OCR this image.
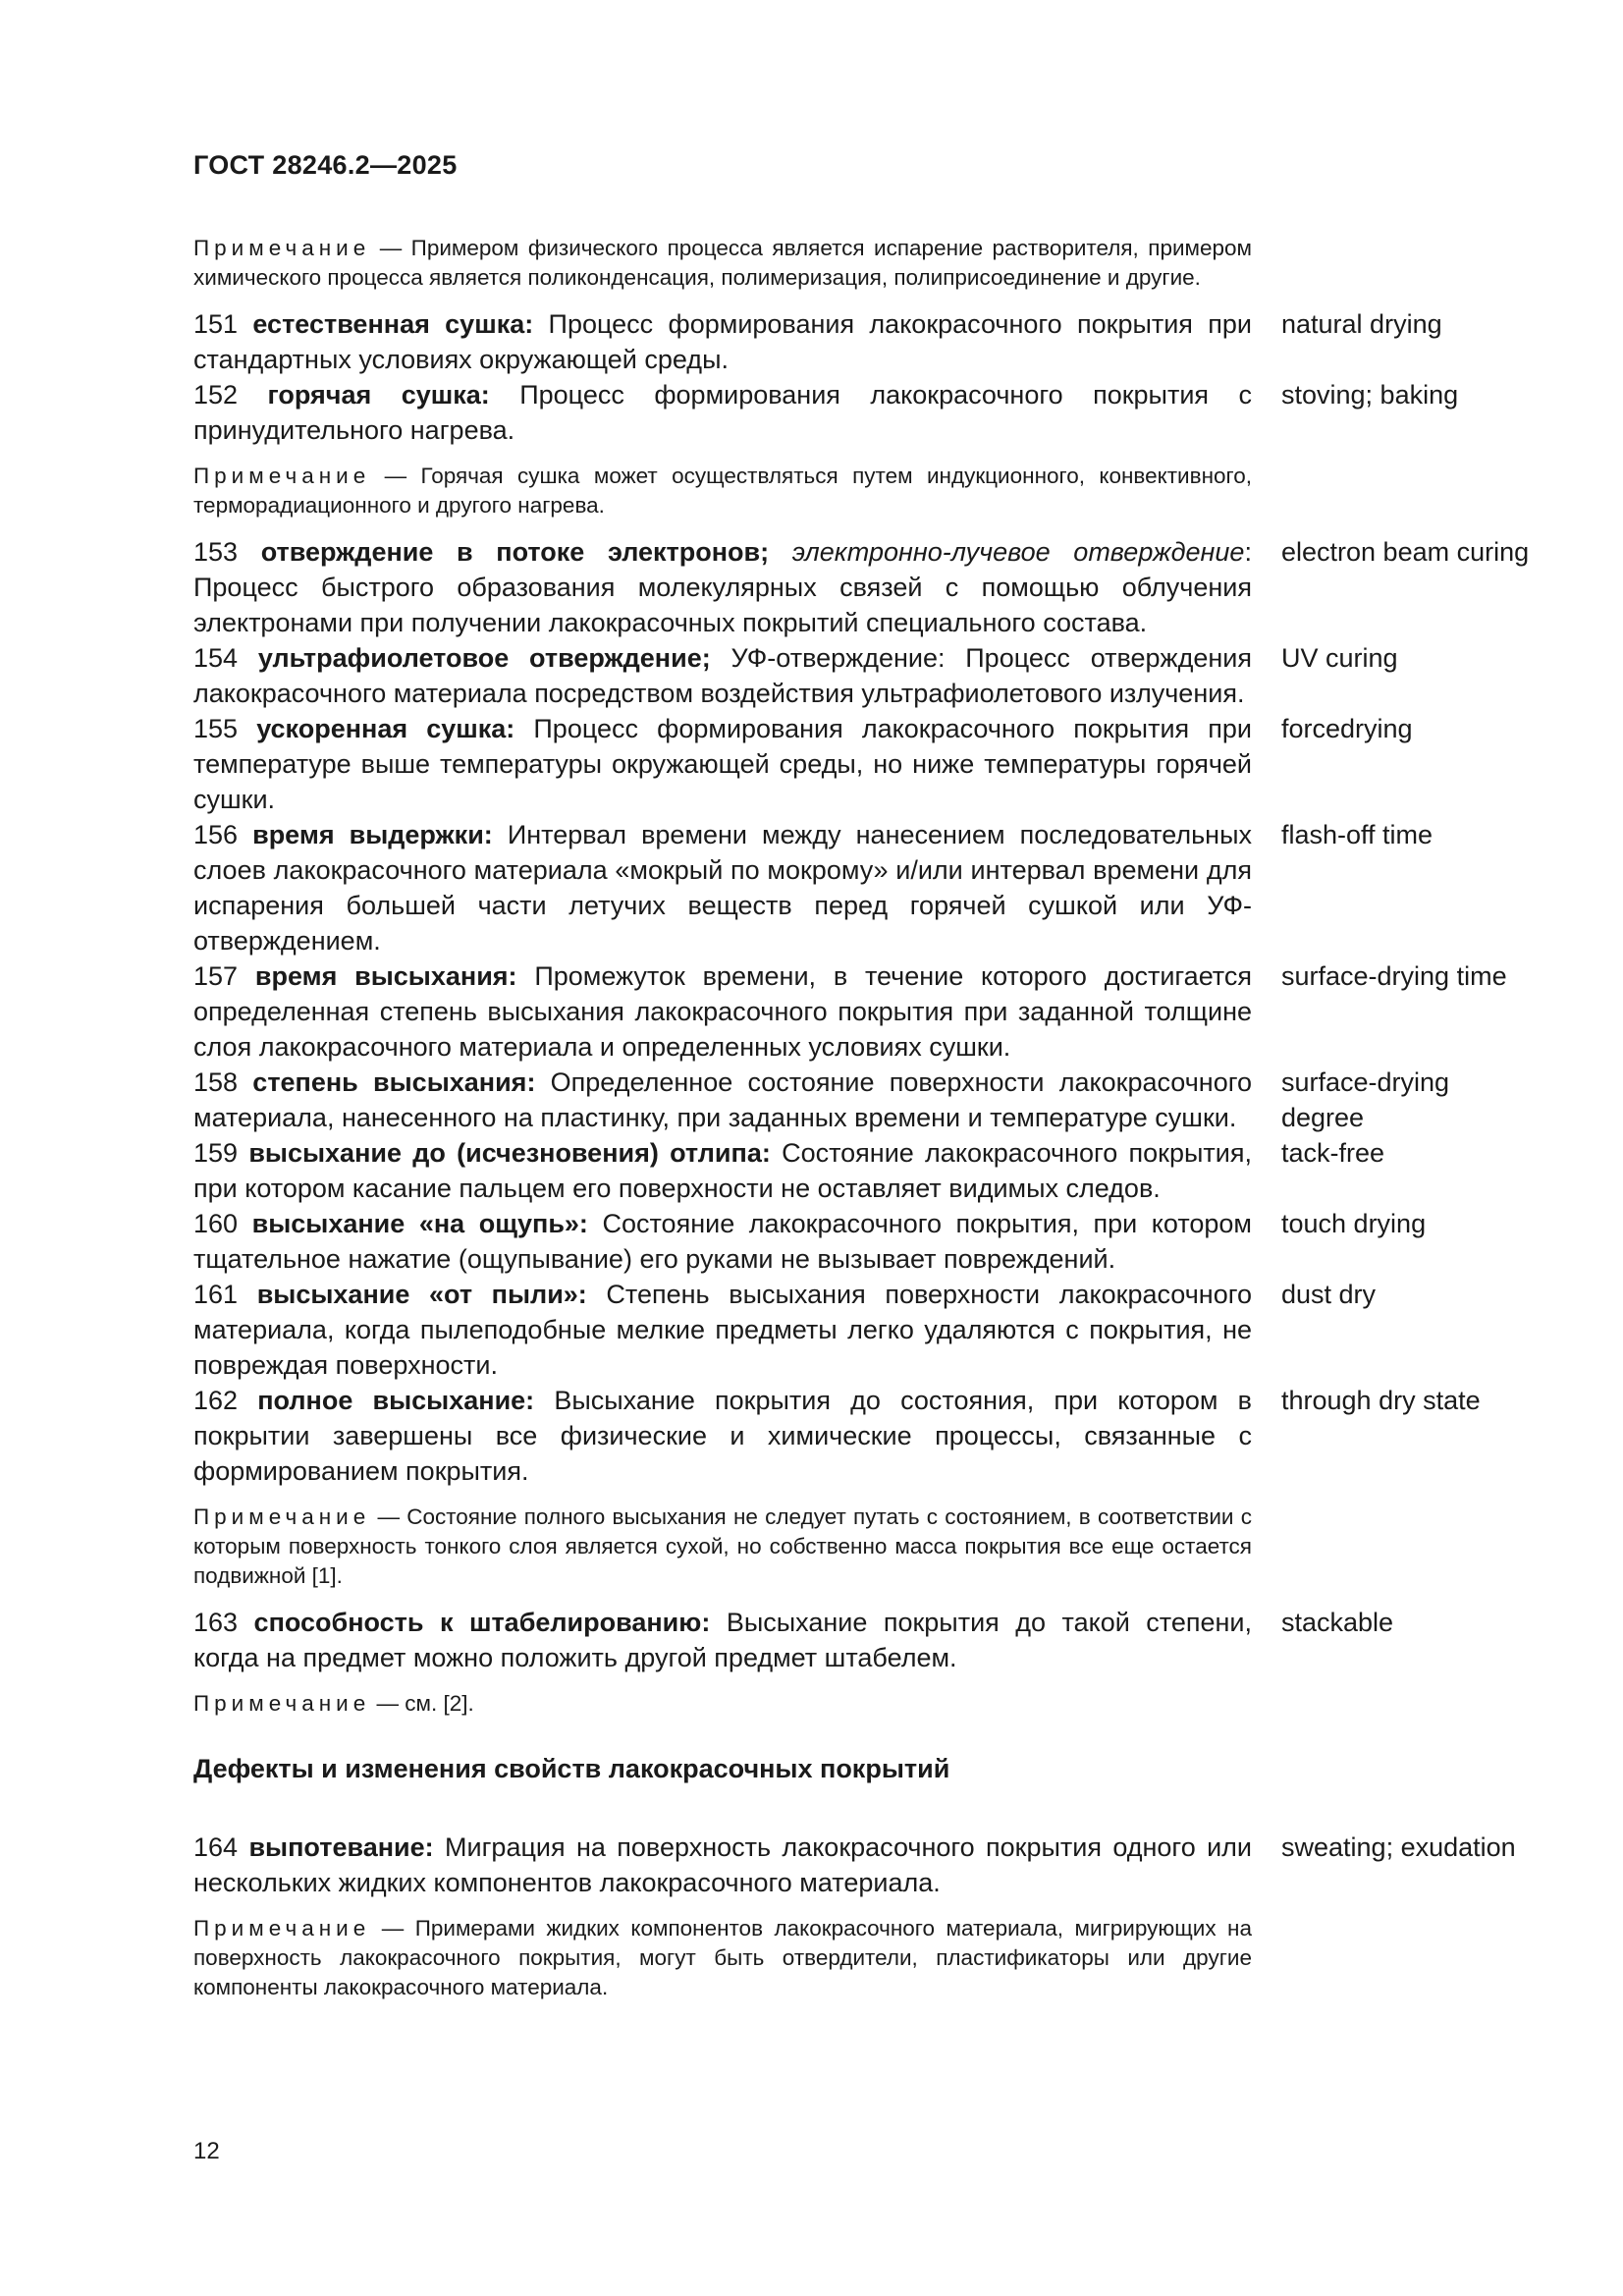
ГОСТ 28246.2—2025
Примечание — Примером физического процесса является испарение растворителя, примером химического процесса является поликонденсация, полимеризация, полиприсоединение и другие.
151 естественная сушка: Процесс формирования лакокрасочного покрытия при стандартных условиях окружающей среды.
natural drying
152 горячая сушка: Процесс формирования лакокрасочного покрытия с принудительного нагрева.
stoving; baking
Примечание — Горячая сушка может осуществляться путем индукционного, конвективного, терморадиационного и другого нагрева.
153 отверждение в потоке электронов; электронно-лучевое отверждение: Процесс быстрого образования молекулярных связей с помощью облучения электронами при получении лакокрасочных покрытий специального состава.
electron beam curing
154 ультрафиолетовое отверждение; УФ-отверждение: Процесс отверждения лакокрасочного материала посредством воздействия ультрафиолетового излучения.
UV curing
155 ускоренная сушка: Процесс формирования лакокрасочного покрытия при температуре выше температуры окружающей среды, но ниже температуры горячей сушки.
forcedrying
156 время выдержки: Интервал времени между нанесением последовательных слоев лакокрасочного материала «мокрый по мокрому» и/или интервал времени для испарения большей части летучих веществ перед горячей сушкой или УФ-отверждением.
flash-off time
157 время высыхания: Промежуток времени, в течение которого достигается определенная степень высыхания лакокрасочного покрытия при заданной толщине слоя лакокрасочного материала и определенных условиях сушки.
surface-drying time
158 степень высыхания: Определенное состояние поверхности лакокрасочного материала, нанесенного на пластинку, при заданных времени и температуре сушки.
surface-drying degree
159 высыхание до (исчезновения) отлипа: Состояние лакокрасочного покрытия, при котором касание пальцем его поверхности не оставляет видимых следов.
tack-free
160 высыхание «на ощупь»: Состояние лакокрасочного покрытия, при котором тщательное нажатие (ощупывание) его руками не вызывает повреждений.
touch drying
161 высыхание «от пыли»: Степень высыхания поверхности лакокрасочного материала, когда пылеподобные мелкие предметы легко удаляются с покрытия, не повреждая поверхности.
dust dry
162 полное высыхание: Высыхание покрытия до состояния, при котором в покрытии завершены все физические и химические процессы, связанные с формированием покрытия.
through dry state
Примечание — Состояние полного высыхания не следует путать с состоянием, в соответствии с которым поверхность тонкого слоя является сухой, но собственно масса покрытия все еще остается подвижной [1].
163 способность к штабелированию: Высыхание покрытия до такой степени, когда на предмет можно положить другой предмет штабелем.
stackable
Примечание — см. [2].
Дефекты и изменения свойств лакокрасочных покрытий
164 выпотевание: Миграция на поверхность лакокрасочного покрытия одного или нескольких жидких компонентов лакокрасочного материала.
sweating; exudation
Примечание — Примерами жидких компонентов лакокрасочного материала, мигрирующих на поверхность лакокрасочного покрытия, могут быть отвердители, пластификаторы или другие компоненты лакокрасочного материала.
12
